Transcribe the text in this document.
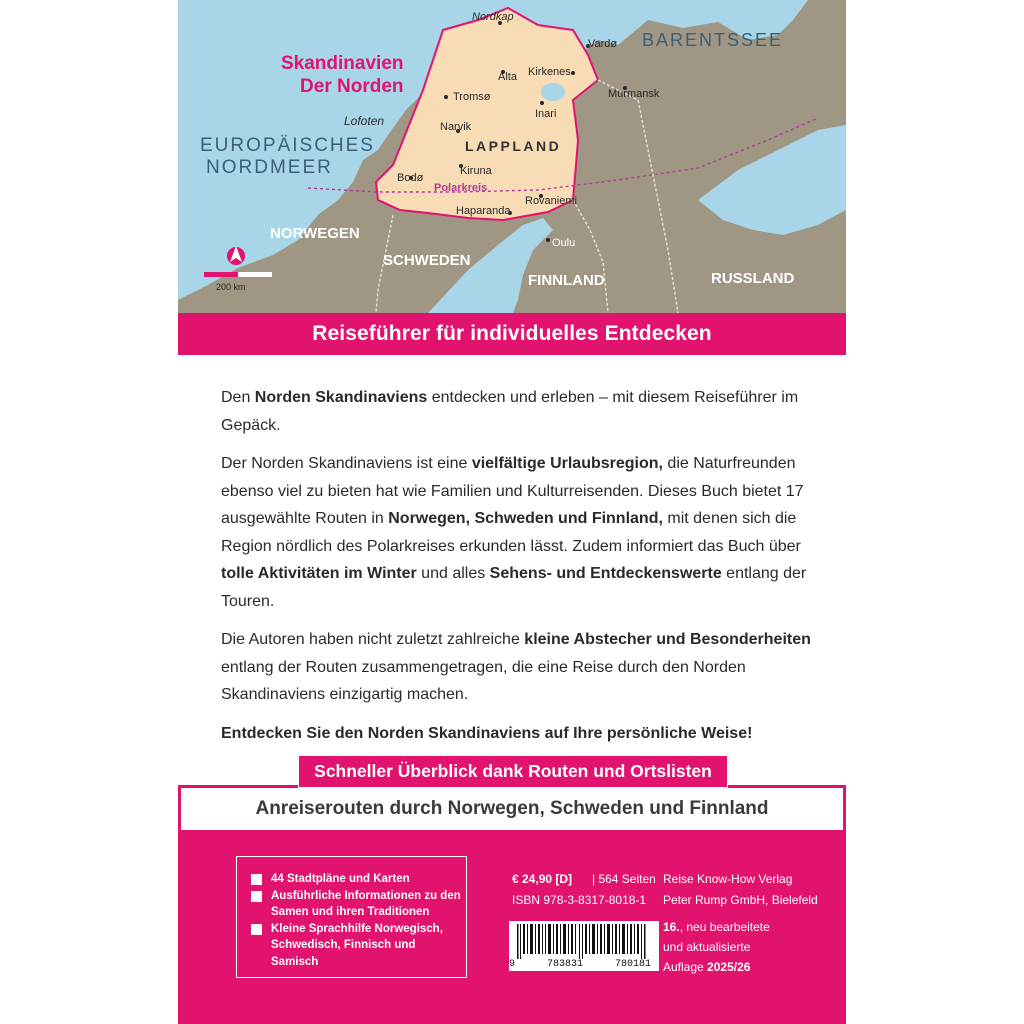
Skandinavien
Der Norden
BARENTSSEE
EUROPÄISCHES
NORDMEER
LAPPLAND
NORWEGEN
SCHWEDEN
FINNLAND	RUSSLAND
Nordkap
Vardø
Alta Kirkenes
Tromsø	Murmansk
Inari
Lofoten	Narvik
Kiruna
Bodø
Polarkreis
Rovaniemi
Haparanda
Oulu
200 km
Reiseführer für individuelles Entdecken

Den Norden Skandinaviens entdecken und erleben – mit diesem Reiseführer im Gepäck.

Der Norden Skandinaviens ist eine vielfältige Urlaubsregion, die Naturfreunden ebenso viel zu bieten hat wie Familien und Kulturreisenden. Dieses Buch bietet 17 ausgewählte Routen in Norwegen, Schweden und Finnland, mit denen sich die Region nördlich des Polarkreises erkunden lässt. Zudem informiert das Buch über tolle Aktivitäten im Winter und alles Sehens- und Entdeckenswerte entlang der Touren.

Die Autoren haben nicht zuletzt zahlreiche kleine Abstecher und Besonderheiten entlang der Routen zusammengetragen, die eine Reise durch den Norden Skandinaviens einzigartig machen.

Entdecken Sie den Norden Skandinaviens auf Ihre persönliche Weise!

Schneller Überblick dank Routen und Ortslisten
Anreiserouten durch Norwegen, Schweden und Finnland
44 Stadtpläne und Karten
Ausführliche Informationen zu den Samen und ihren Traditionen
Kleine Sprachhilfe Norwegisch, Schwedisch, Finnisch und Samisch
€ 24,90 [D] | 564 Seiten
ISBN 978-3-8317-8018-1
Reise Know-How Verlag
Peter Rump GmbH, Bielefeld
16., neu bearbeitete
und aktualisierte
Auflage 2025/26
9	783831	780181
